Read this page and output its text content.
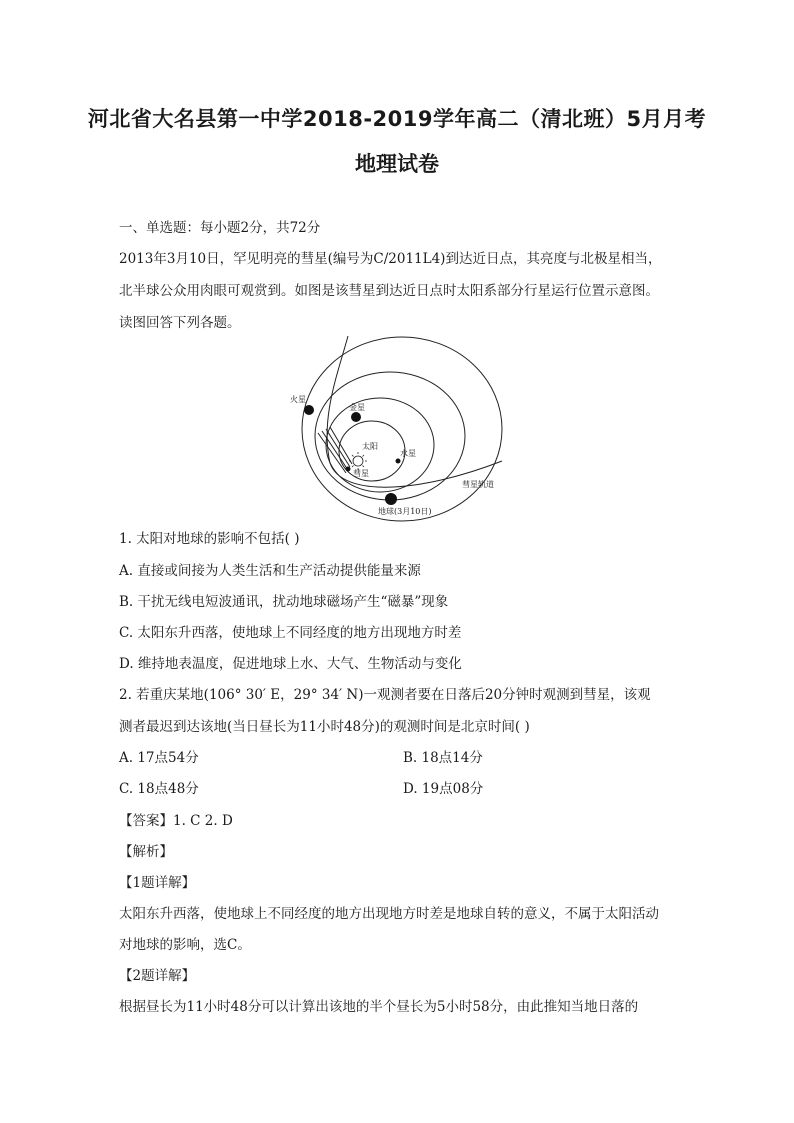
河北省大名县第一中学2018-2019学年高二（清北班）5月月考
地理试卷
一、单选题：每小题2分，共72分
2013年3月10日，罕见明亮的彗星(编号为C/2011L4)到达近日点，其亮度与北极星相当，
北半球公众用肉眼可观赏到。如图是该彗星到达近日点时太阳系部分行星运行位置示意图。
读图回答下列各题。
火星
金星
太阳
水星
彗星
彗星轨道
地球(3月10日)
1. 太阳对地球的影响不包括( )
A. 直接或间接为人类生活和生产活动提供能量来源
B. 干扰无线电短波通讯，扰动地球磁场产生“磁暴”现象
C. 太阳东升西落，使地球上不同经度的地方出现地方时差
D. 维持地表温度，促进地球上水、大气、生物活动与变化
2. 若重庆某地(106° 30′ E，29° 34′ N)一观测者要在日落后20分钟时观测到彗星，该观
测者最迟到达该地(当日昼长为11小时48分)的观测时间是北京时间( )
A. 17点54分	B. 18点14分
C. 18点48分	D. 19点08分
【答案】1. C 2. D
【解析】
【1题详解】
太阳东升西落，使地球上不同经度的地方出现地方时差是地球自转的意义，不属于太阳活动
对地球的影响，选C。
【2题详解】
根据昼长为11小时48分可以计算出该地的半个昼长为5小时58分，由此推知当地日落的
